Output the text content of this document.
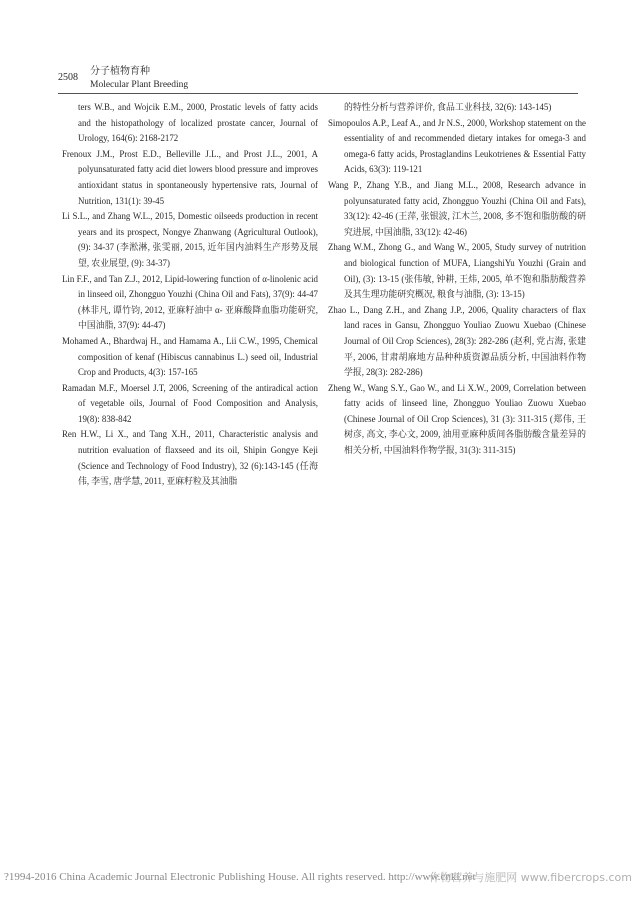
2508
分子植物育种
Molecular Plant Breeding
ters W.B., and Wojcik E.M., 2000, Prostatic levels of fatty acids and the histopathology of localized prostate cancer, Journal of Urology, 164(6): 2168-2172
Frenoux J.M., Prost E.D., Belleville J.L., and Prost J.L., 2001, A polyunsaturated fatty acid diet lowers blood pressure and improves antioxidant status in spontaneously hypertensive rats, Journal of Nutrition, 131(1): 39-45
Li S.L., and Zhang W.L., 2015, Domestic oilseeds production in recent years and its prospect, Nongye Zhanwang (Agricultural Outlook), (9): 34-37 (李淞淋, 张雯丽, 2015, 近年国内油料生产形势及展望, 农业展望, (9): 34-37)
Lin F.F., and Tan Z.J., 2012, Lipid-lowering function of α-linolenic acid in linseed oil, Zhongguo Youzhi (China Oil and Fats), 37(9): 44-47 (林非凡, 谭竹钧, 2012, 亚麻籽油中 α- 亚麻酸降血脂功能研究, 中国油脂, 37(9): 44-47)
Mohamed A., Bhardwaj H., and Hamama A., Lii C.W., 1995, Chemical composition of kenaf (Hibiscus cannabinus L.) seed oil, Industrial Crop and Products, 4(3): 157-165
Ramadan M.F., Moersel J.T, 2006, Screening of the antiradical action of vegetable oils, Journal of Food Composition and Analysis, 19(8): 838-842
Ren H.W., Li X., and Tang X.H., 2011, Characteristic analysis and nutrition evaluation of flaxseed and its oil, Shipin Gongye Keji (Science and Technology of Food Industry), 32 (6):143-145 (任海伟, 李雪, 唐学慧, 2011, 亚麻籽粒及其油脂
的特性分析与营养评价, 食品工业科技, 32(6): 143-145)
Simopoulos A.P., Leaf A., and Jr N.S., 2000, Workshop statement on the essentiality of and recommended dietary intakes for omega-3 and omega-6 fatty acids, Prostaglandins Leukotrienes & Essential Fatty Acids, 63(3): 119-121
Wang P., Zhang Y.B., and Jiang M.L., 2008, Research advance in polyunsaturated fatty acid, Zhongguo Youzhi (China Oil and Fats), 33(12): 42-46 (王萍, 张银波, 江木兰, 2008, 多不饱和脂肪酸的研究进展, 中国油脂, 33(12): 42-46)
Zhang W.M., Zhong G., and Wang W., 2005, Study survey of nutrition and biological function of MUFA, LiangshiYu Youzhi (Grain and Oil), (3): 13-15 (张伟敏, 钟耕, 王炜, 2005, 单不饱和脂肪酸营养及其生理功能研究概况, 粮食与油脂, (3): 13-15)
Zhao L., Dang Z.H., and Zhang J.P., 2006, Quality characters of flax land races in Gansu, Zhongguo Youliao Zuowu Xuebao (Chinese Journal of Oil Crop Sciences), 28(3): 282-286 (赵利, 党占海, 张建平, 2006, 甘肃胡麻地方品种种质资源品质分析, 中国油料作物学报, 28(3): 282-286)
Zheng W., Wang S.Y., Gao W., and Li X.W., 2009, Correlation between fatty acids of linseed line, Zhongguo Youliao Zuowu Xuebao (Chinese Journal of Oil Crop Sciences), 31 (3): 311-315 (郑伟, 王树彦, 高文, 李心文, 2009, 油用亚麻种质间各脂肪酸含量差异的相关分析, 中国油料作物学报, 31(3): 311-315)
?1994-2016 China Academic Journal Electronic Publishing House. All rights reserved. http://www.cnki.net
作物营养与施肥网 www.fibercrops.com
